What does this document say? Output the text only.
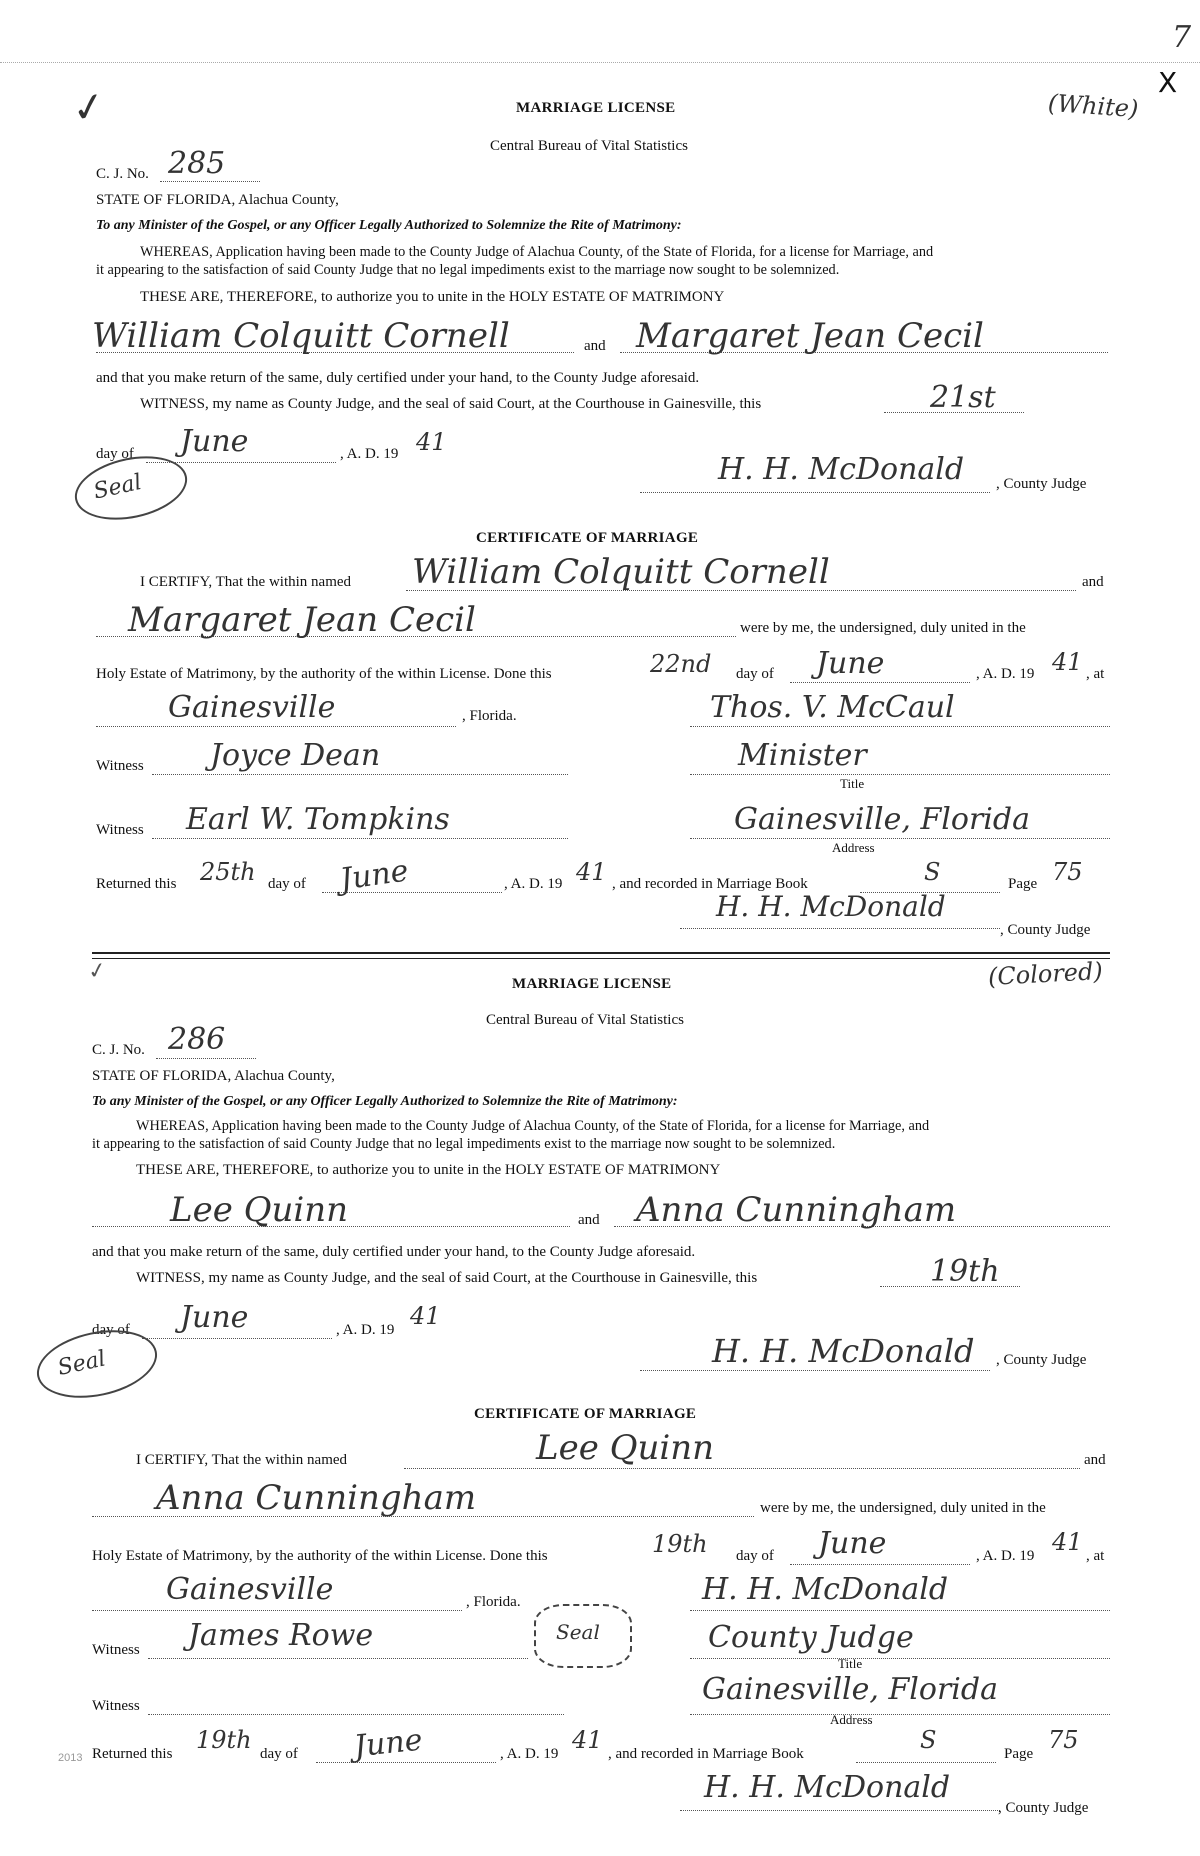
7
X
✓
✓
MARRIAGE LICENSE	(White)
Central Bureau of Vital Statistics
C. J. No. 285
STATE OF FLORIDA, Alachua County,
To any Minister of the Gospel, or any Officer Legally Authorized to Solemnize the Rite of Matrimony:
WHEREAS, Application having been made to the County Judge of Alachua County, of the State of Florida, for a license for Marriage, and
it appearing to the satisfaction of said County Judge that no legal impediments exist to the marriage now sought to be solemnized.
THESE ARE, THEREFORE, to authorize you to unite in the HOLY ESTATE OF MATRIMONY
William Colquitt Cornell	and Margaret Jean Cecil
and that you make return of the same, duly certified under your hand, to the County Judge aforesaid.
WITNESS, my name as County Judge, and the seal of said Court, at the Courthouse in Gainesville, this	21st
day of June	, A. D. 19 41
Seal
H. H. McDonald , County Judge
CERTIFICATE OF MARRIAGE
I CERTIFY, That the within named William Colquitt Cornell	and
Margaret Jean Cecil	were by me, the undersigned, duly united in the
Holy Estate of Matrimony, by the authority of the within License. Done this	22nd day of June	, A. D. 19 41 , at
Gainesville	, Florida.	Thos. V. McCaul
Witness Joyce Dean	Minister
Title
Witness Earl W. Tompkins	Gainesville, Florida
Address
Returned this 25th day of June	, A. D. 19 41 , and recorded in Marriage Book	S	Page 75
H. H. McDonald
, County Judge
MARRIAGE LICENSE	(Colored)
Central Bureau of Vital Statistics
C. J. No. 286
STATE OF FLORIDA, Alachua County,
To any Minister of the Gospel, or any Officer Legally Authorized to Solemnize the Rite of Matrimony:
WHEREAS, Application having been made to the County Judge of Alachua County, of the State of Florida, for a license for Marriage, and
it appearing to the satisfaction of said County Judge that no legal impediments exist to the marriage now sought to be solemnized.
THESE ARE, THEREFORE, to authorize you to unite in the HOLY ESTATE OF MATRIMONY
Lee Quinn	and Anna Cunningham
and that you make return of the same, duly certified under your hand, to the County Judge aforesaid.
WITNESS, my name as County Judge, and the seal of said Court, at the Courthouse in Gainesville, this	19th
day of June	, A. D. 19 41
Seal	H. H. McDonald , County Judge
CERTIFICATE OF MARRIAGE
I CERTIFY, That the within named	Lee Quinn	and
Anna Cunningham	were by me, the undersigned, duly united in the
Holy Estate of Matrimony, by the authority of the within License. Done this	19th day of June	, A. D. 19 41 , at
Gainesville	, Florida.	H. H. McDonald
Seal
Witness James Rowe	County Judge
Title
Witness	Gainesville, Florida
Address
2013 Returned this 19th day of June	, A. D. 19 41 , and recorded in Marriage Book	S	Page 75
H. H. McDonald
, County Judge
